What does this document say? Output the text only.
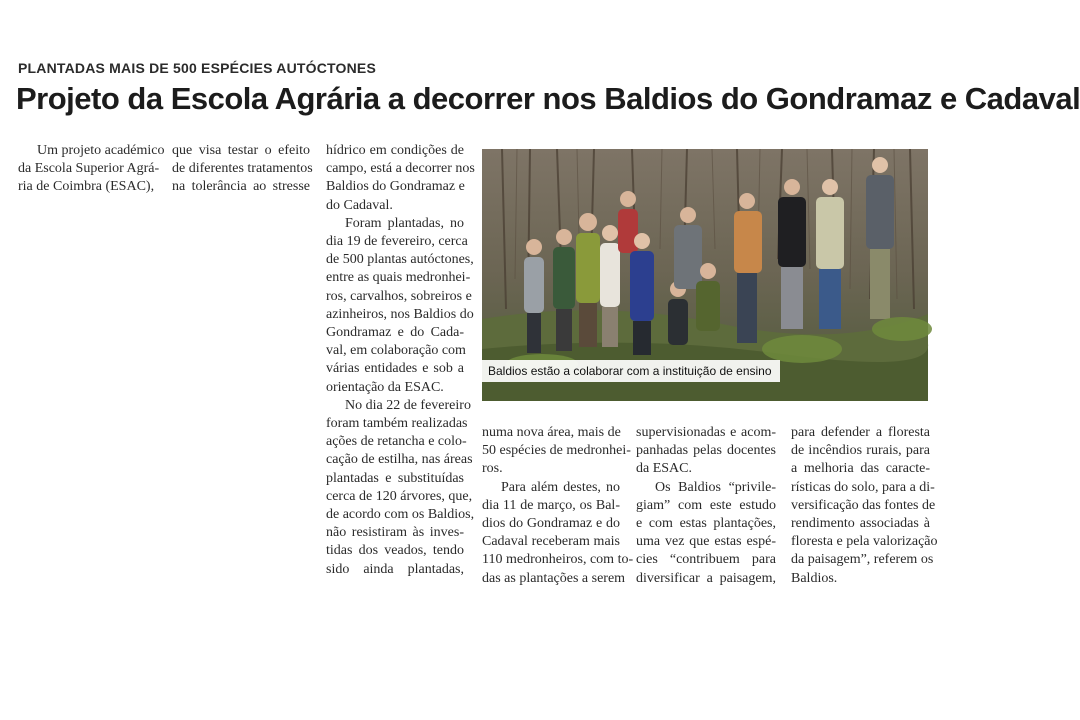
PLANTADAS MAIS DE 500 ESPÉCIES AUTÓCTONES
Projeto da Escola Agrária a decorrer nos Baldios do Gondramaz e Cadaval
Um projeto académico
da Escola Superior Agrá-
ria de Coimbra (ESAC),
que visa testar o efeito
de diferentes tratamentos
na tolerância ao stresse
hídrico em condições de
campo, está a decorrer nos
Baldios do Gondramaz e
do Cadaval.
Foram plantadas, no
dia 19 de fevereiro, cerca
de 500 plantas autóctones,
entre as quais medronhei-
ros, carvalhos, sobreiros e
azinheiros, nos Baldios do
Gondramaz e do Cada-
val, em colaboração com
várias entidades e sob a
orientação da ESAC.
No dia 22 de fevereiro
foram também realizadas
ações de retancha e colo-
cação de estilha, nas áreas
plantadas e substituídas
cerca de 120 árvores, que,
de acordo com os Baldios,
não resistiram às inves-
tidas dos veados, tendo
sido ainda plantadas,
Baldios estão a colaborar com a instituição de ensino
numa nova área, mais de
50 espécies de medronhei-
ros.
Para além destes, no
dia 11 de março, os Bal-
dios do Gondramaz e do
Cadaval receberam mais
110 medronheiros, com to-
das as plantações a serem
supervisionadas e acom-
panhadas pelas docentes
da ESAC.
Os Baldios “privile-
giam” com este estudo
e com estas plantações,
uma vez que estas espé-
cies “contribuem para
diversificar a paisagem,
para defender a floresta
de incêndios rurais, para
a melhoria das caracte-
rísticas do solo, para a di-
versificação das fontes de
rendimento associadas à
floresta e pela valorização
da paisagem”, referem os
Baldios.
